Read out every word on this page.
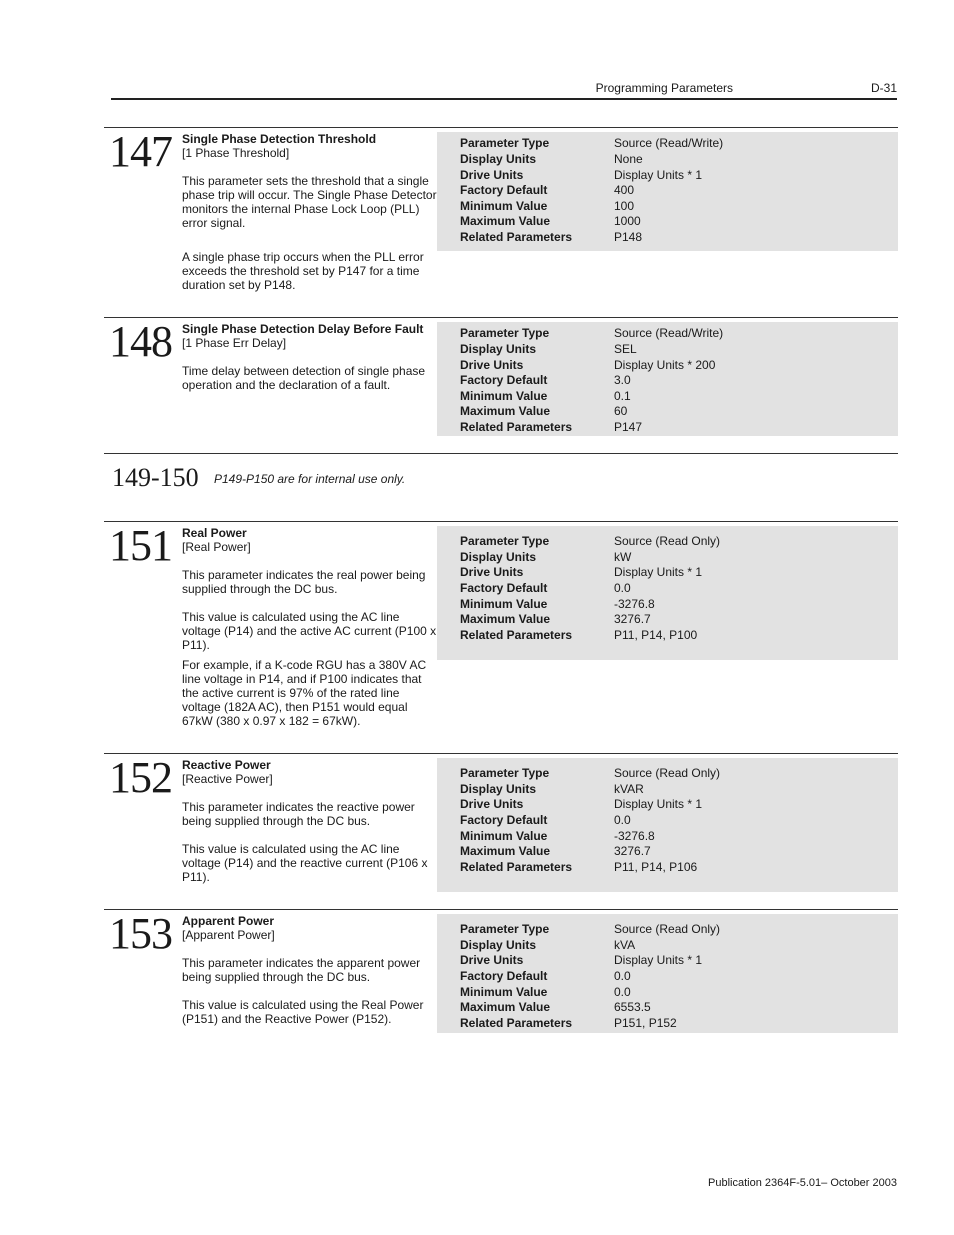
Programming Parameters	D-31
147 Single Phase Detection Threshold
[1 Phase Threshold]

This parameter sets the threshold that a single phase trip will occur. The Single Phase Detector monitors the internal Phase Lock Loop (PLL) error signal.

A single phase trip occurs when the PLL error exceeds the threshold set by P147 for a time duration set by P148.

Parameter Type	Source (Read/Write)
Display Units	None
Drive Units	Display Units * 1
Factory Default	400
Minimum Value	100
Maximum Value	1000
Related Parameters	P148
148 Single Phase Detection Delay Before Fault
[1 Phase Err Delay]

Time delay between detection of single phase operation and the declaration of a fault.

Parameter Type	Source (Read/Write)
Display Units	SEL
Drive Units	Display Units * 200
Factory Default	3.0
Minimum Value	0.1
Maximum Value	60
Related Parameters	P147
149-150 P149-P150 are for internal use only.
151 Real Power
[Real Power]

This parameter indicates the real power being supplied through the DC bus.

This value is calculated using the AC line voltage (P14) and the active AC current (P100 x P11).

For example, if a K-code RGU has a 380V AC line voltage in P14, and if P100 indicates that the active current is 97% of the rated line voltage (182A AC), then P151 would equal 67kW (380 x 0.97 x 182 = 67kW).

Parameter Type	Source (Read Only)
Display Units	kW
Drive Units	Display Units * 1
Factory Default	0.0
Minimum Value	-3276.8
Maximum Value	3276.7
Related Parameters	P11, P14, P100
152 Reactive Power
[Reactive Power]

This parameter indicates the reactive power being supplied through the DC bus.

This value is calculated using the AC line voltage (P14) and the reactive current (P106 x P11).

Parameter Type	Source (Read Only)
Display Units	kVAR
Drive Units	Display Units * 1
Factory Default	0.0
Minimum Value	-3276.8
Maximum Value	3276.7
Related Parameters	P11, P14, P106
153 Apparent Power
[Apparent Power]

This parameter indicates the apparent power being supplied through the DC bus.

This value is calculated using the Real Power (P151) and the Reactive Power (P152).

Parameter Type	Source (Read Only)
Display Units	kVA
Drive Units	Display Units * 1
Factory Default	0.0
Minimum Value	0.0
Maximum Value	6553.5
Related Parameters	P151, P152
Publication 2364F-5.01– October 2003
